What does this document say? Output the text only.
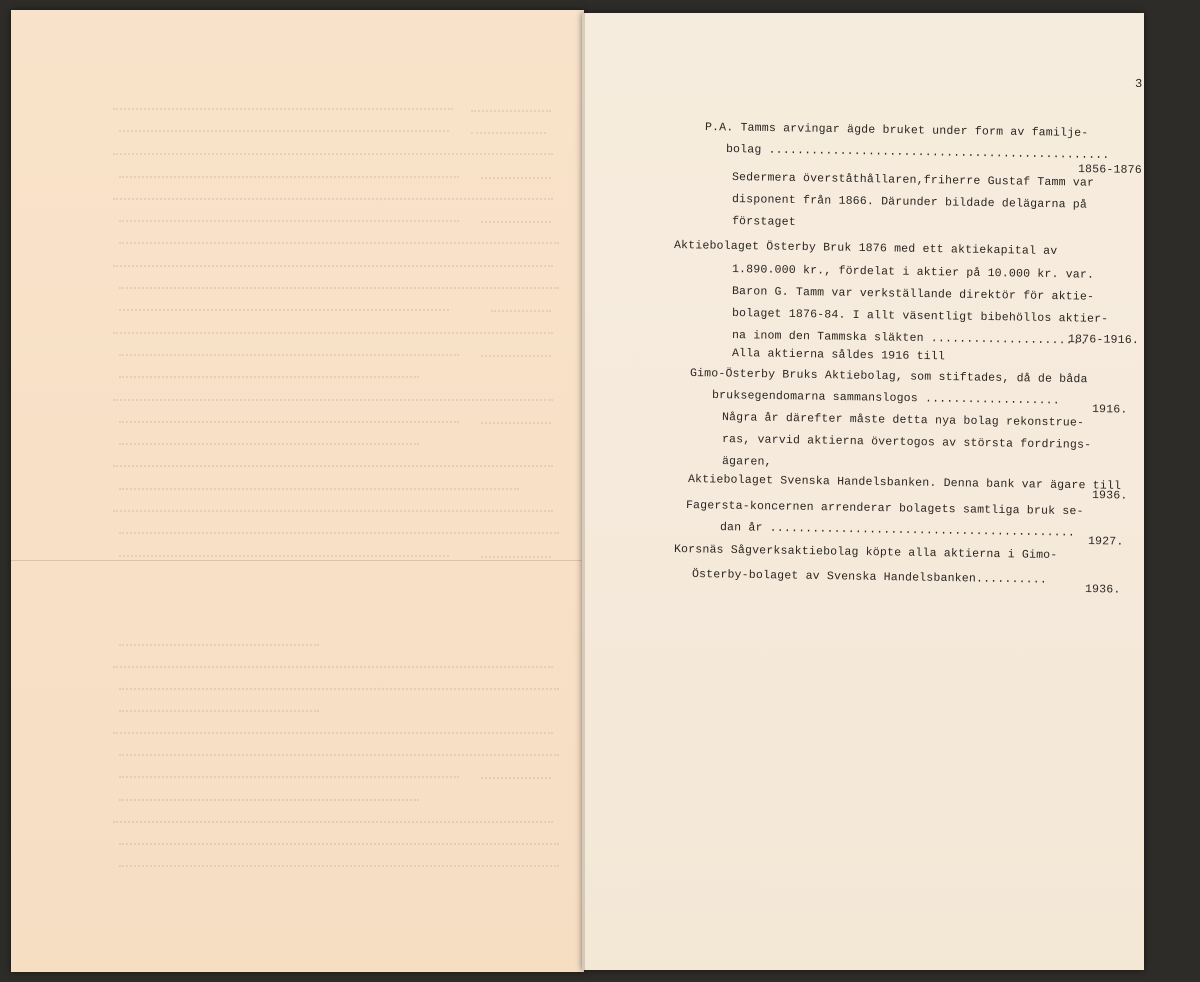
3.
P.A. Tamms arvingar ägde bruket under form av familje-
bolag ................................................
1856-1876.
Sedermera överståthållaren,friherre Gustaf Tamm var
disponent från 1866. Därunder bildade delägarna på
förstaget
Aktiebolaget Österby Bruk 1876 med ett aktiekapital av
1.890.000 kr., fördelat i aktier på 10.000 kr. var.
Baron G. Tamm var verkställande direktör för aktie-
bolaget 1876-84. I allt väsentligt bibehöllos aktier-
na inom den Tammska släkten ......................
1876-1916.
Alla aktierna såldes 1916 till
Gimo-Österby Bruks Aktiebolag, som stiftades, då de båda
bruksegendomarna sammanslogos ...................
1916.
Några år därefter måste detta nya bolag rekonstrue-
ras, varvid aktierna övertogos av största fordrings-
ägaren,
Aktiebolaget Svenska Handelsbanken. Denna bank var ägare till
1936.
Fagersta-koncernen arrenderar bolagets samtliga bruk se-
dan år ...........................................
1927.
Korsnäs Sågverksaktiebolag köpte alla aktierna i Gimo-
Österby-bolaget av Svenska Handelsbanken..........
1936.
